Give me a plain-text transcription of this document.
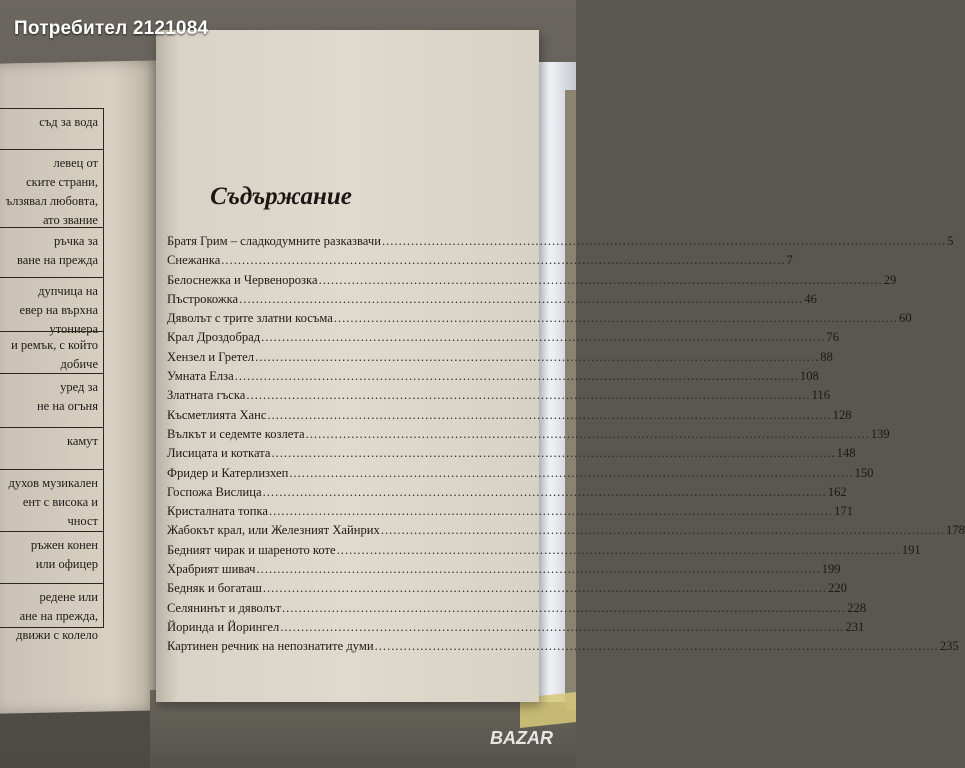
съд за вода
левец от
ските страни,
ълзявал любовта,
ато звание
ръчка за
ване на прежда
дупчица на
евер на върхна
утониера
и ремък, с който
добиче
уред за
не на огъня
камут
духов музикален
ент с висока и
чност
ръжен конен
или офицер
редене или
ане на прежда,
движи с колело
Съдържание
Братя Грим – сладкодумните разказвачи .....	5
Снежанка .....	7
Белоснежка и Червенорозка .....	29
Пъстрокожка .....	46
Дяволът с трите златни косъма .....	60
Крал Дроздобрад .....	76
Хензел и Гретел .....	88
Умната Елза .....	108
Златната гъска .....	116
Късметлията Ханс .....	128
Вълкът и седемте козлета .....	139
Лисицата и котката .....	148
Фридер и Катерлизхеп .....	150
Госпожа Вислица .....	162
Кристалната топка .....	171
Жабокът крал, или Железният Хайнрих .....	178
Бедният чирак и шареното коте .....	191
Храбрият шивач .....	199
Бедняк и богаташ .....	220
Селянинът и дяволът .....	228
Йоринда и Йорингел .....	231
Картинен речник на непознатите думи .....	235
Потребител 2121084
BAZAR
